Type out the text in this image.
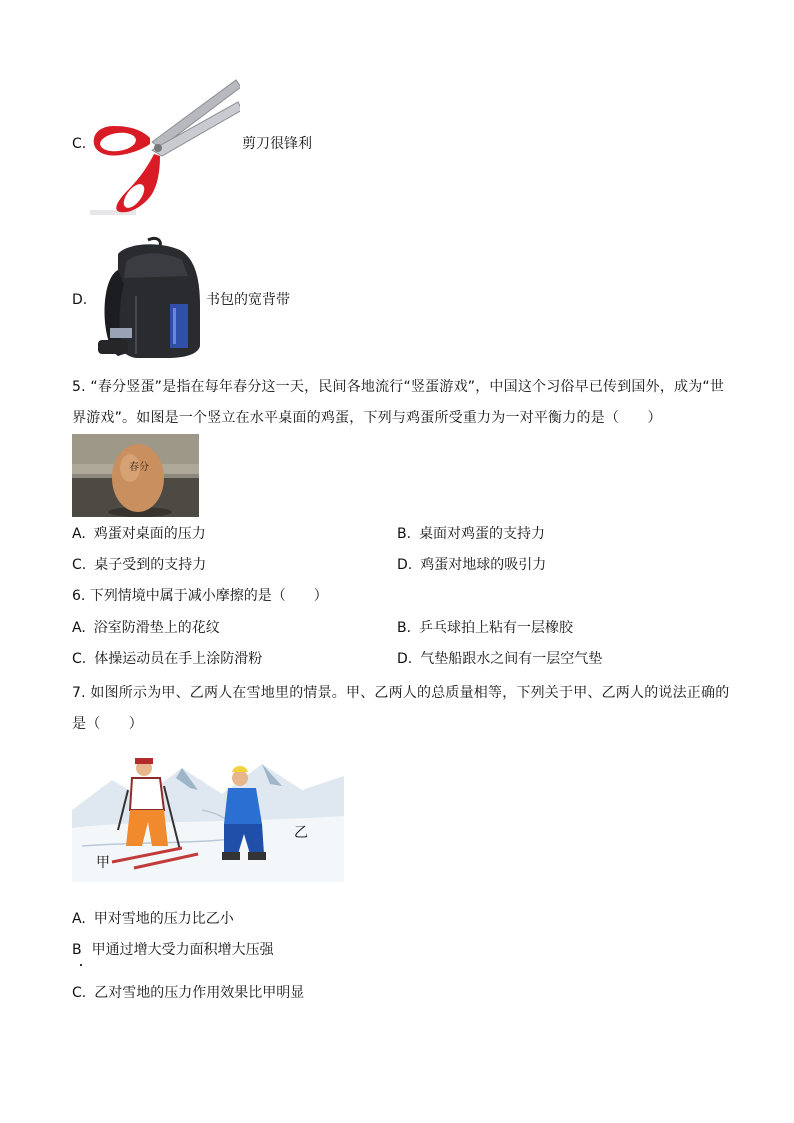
C.	剪刀很锋利
D.	书包的宽背带
5. “春分竖蛋”是指在每年春分这一天，民间各地流行“竖蛋游戏”，中国这个习俗早已传到国外，成为“世界游戏”。如图是一个竖立在水平桌面的鸡蛋，下列与鸡蛋所受重力为一对平衡力的是（　　）
春分
A. 鸡蛋对桌面的压力	B. 桌面对鸡蛋的支持力
C. 桌子受到的支持力	D. 鸡蛋对地球的吸引力
6. 下列情境中属于减小摩擦的是（　　）
A. 浴室防滑垫上的花纹	B. 乒乓球拍上粘有一层橡胶
C. 体操运动员在手上涂防滑粉	D. 气垫船跟水之间有一层空气垫
7. 如图所示为甲、乙两人在雪地里的情景。甲、乙两人的总质量相等，下列关于甲、乙两人的说法正确的是（　　）
甲
乙
A. 甲对雪地的压力比乙小
B 甲通过增大受力面积增大压强
C. 乙对雪地的压力作用效果比甲明显
